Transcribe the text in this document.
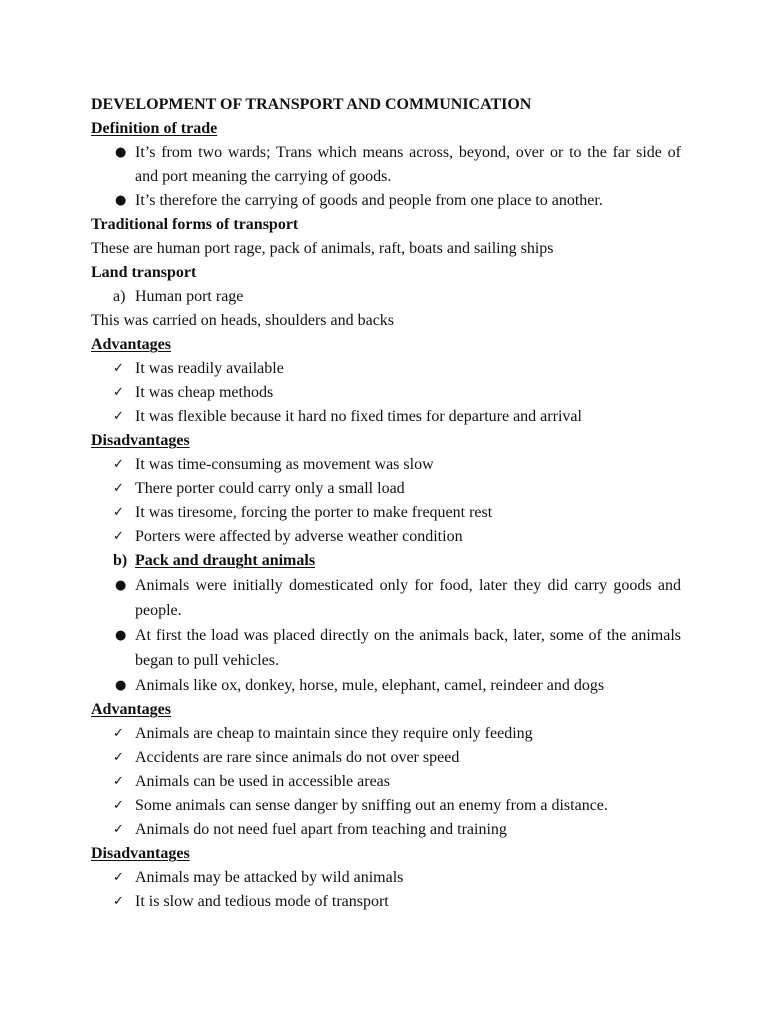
DEVELOPMENT OF TRANSPORT AND COMMUNICATION
Definition of trade
● It’s from two wards; Trans which means across, beyond, over or to the far side of and port meaning the carrying of goods.
● It’s therefore the carrying of goods and people from one place to another.
Traditional forms of transport
These are human port rage, pack of animals, raft, boats and sailing ships
Land transport
a) Human port rage
This was carried on heads, shoulders and backs
Advantages
✓ It was readily available
✓ It was cheap methods
✓ It was flexible because it hard no fixed times for departure and arrival
Disadvantages
✓ It was time-consuming as movement was slow
✓ There porter could carry only a small load
✓ It was tiresome, forcing the porter to make frequent rest
✓ Porters were affected by adverse weather condition
b) Pack and draught animals
● Animals were initially domesticated only for food, later they did carry goods and people.
● At first the load was placed directly on the animals back, later, some of the animals began to pull vehicles.
● Animals like ox, donkey, horse, mule, elephant, camel, reindeer and dogs
Advantages
✓ Animals are cheap to maintain since they require only feeding
✓ Accidents are rare since animals do not over speed
✓ Animals can be used in accessible areas
✓ Some animals can sense danger by sniffing out an enemy from a distance.
✓ Animals do not need fuel apart from teaching and training
Disadvantages
✓ Animals may be attacked by wild animals
✓ It is slow and tedious mode of transport
